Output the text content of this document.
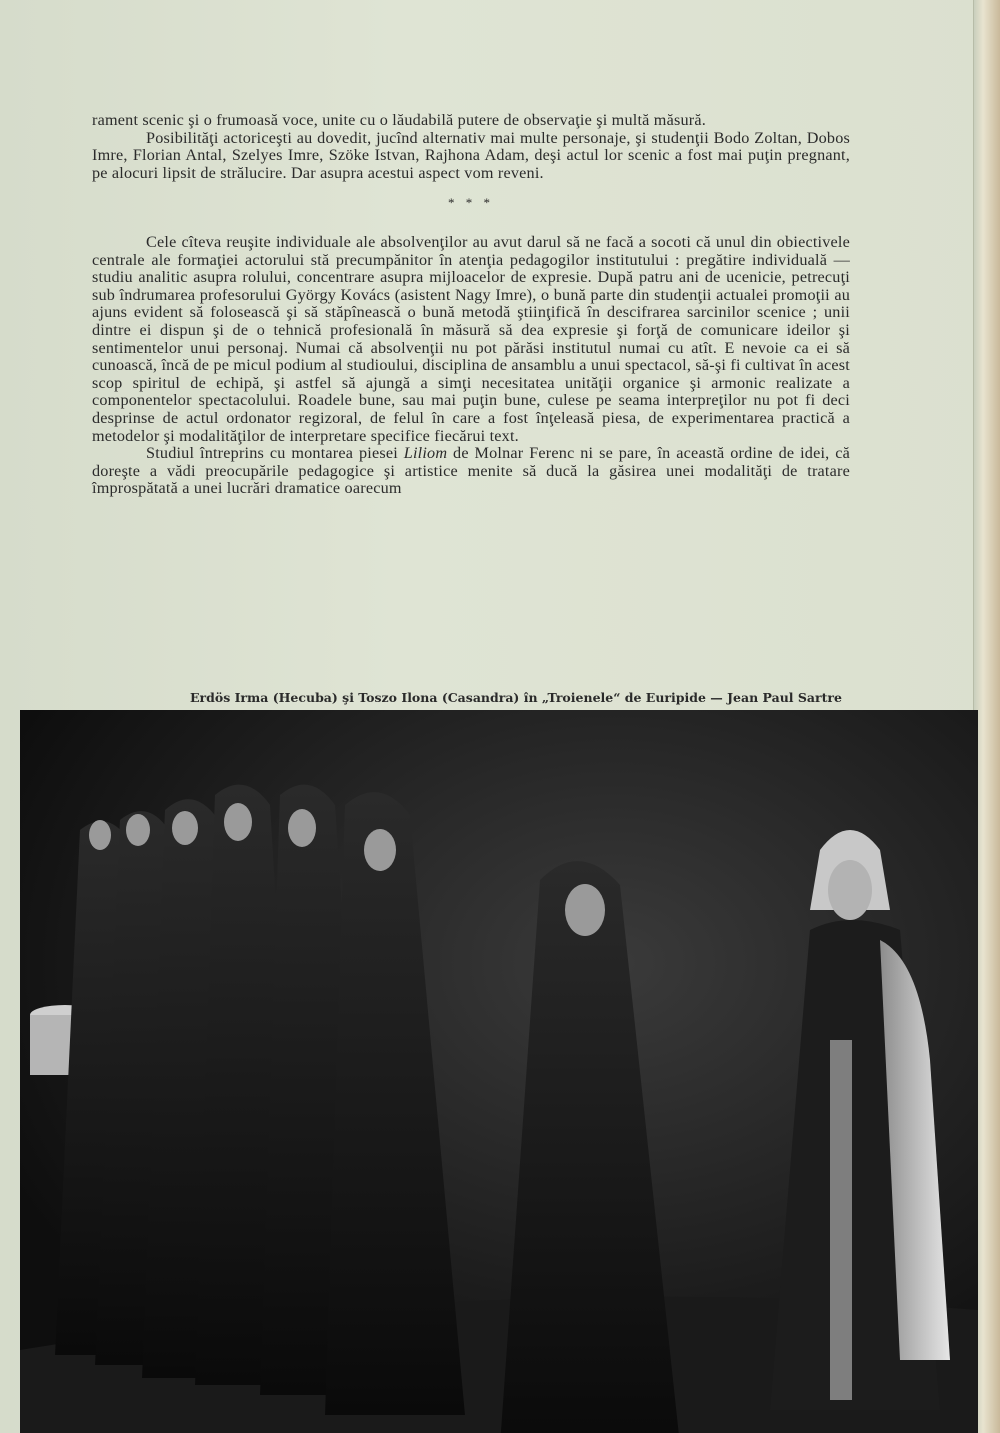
rament scenic şi o frumoasă voce, unite cu o lăudabilă putere de observaţie şi multă măsură.

Posibilităţi actoriceşti au dovedit, jucînd alternativ mai multe personaje, şi studenţii Bodo Zoltan, Dobos Imre, Florian Antal, Szelyes Imre, Szöke Istvan, Rajhona Adam, deşi actul lor scenic a fost mai puţin pregnant, pe alocuri lipsit de strălucire. Dar asupra acestui aspect vom reveni.

* * *

Cele cîteva reuşite individuale ale absolvenţilor au avut darul să ne facă a socoti că unul din obiectivele centrale ale formaţiei actorului stă precumpănitor în atenţia pedagogilor institutului : pregătire individuală — studiu analitic asupra rolului, concentrare asupra mijloacelor de expresie. După patru ani de ucenicie, petrecuţi sub îndrumarea profesorului György Kovács (asistent Nagy Imre), o bună parte din studenţii actualei promoţii au ajuns evident să folosească şi să stăpînească o bună metodă ştiinţifică în descifrarea sarcinilor scenice ; unii dintre ei dispun şi de o tehnică profesională în măsură să dea expresie şi forţă de comunicare ideilor şi sentimentelor unui personaj. Numai că absolvenţii nu pot părăsi institutul numai cu atît. E nevoie ca ei să cunoască, încă de pe micul podium al studioului, disciplina de ansamblu a unui spectacol, să-şi fi cultivat în acest scop spiritul de echipă, şi astfel să ajungă a simţi necesitatea unităţii organice şi armonic realizate a componentelor spectacolului. Roadele bune, sau mai puţin bune, culese pe seama interpreţilor nu pot fi deci desprinse de actul ordonator regizoral, de felul în care a fost înţeleasă piesa, de experimentarea practică a metodelor şi modalităţilor de interpretare specifice fiecărui text.

Studiul întreprins cu montarea piesei Liliom de Molnar Ferenc ni se pare, în această ordine de idei, că doreşte a vădi preocupările pedagogice şi artistice menite să ducă la găsirea unei modalităţi de tratare împrospătată a unei lucrări dramatice oarecum

Erdös Irma (Hecuba) şi Toszo Ilona (Casandra) în „Troienele“ de Euripide — Jean Paul Sartre
